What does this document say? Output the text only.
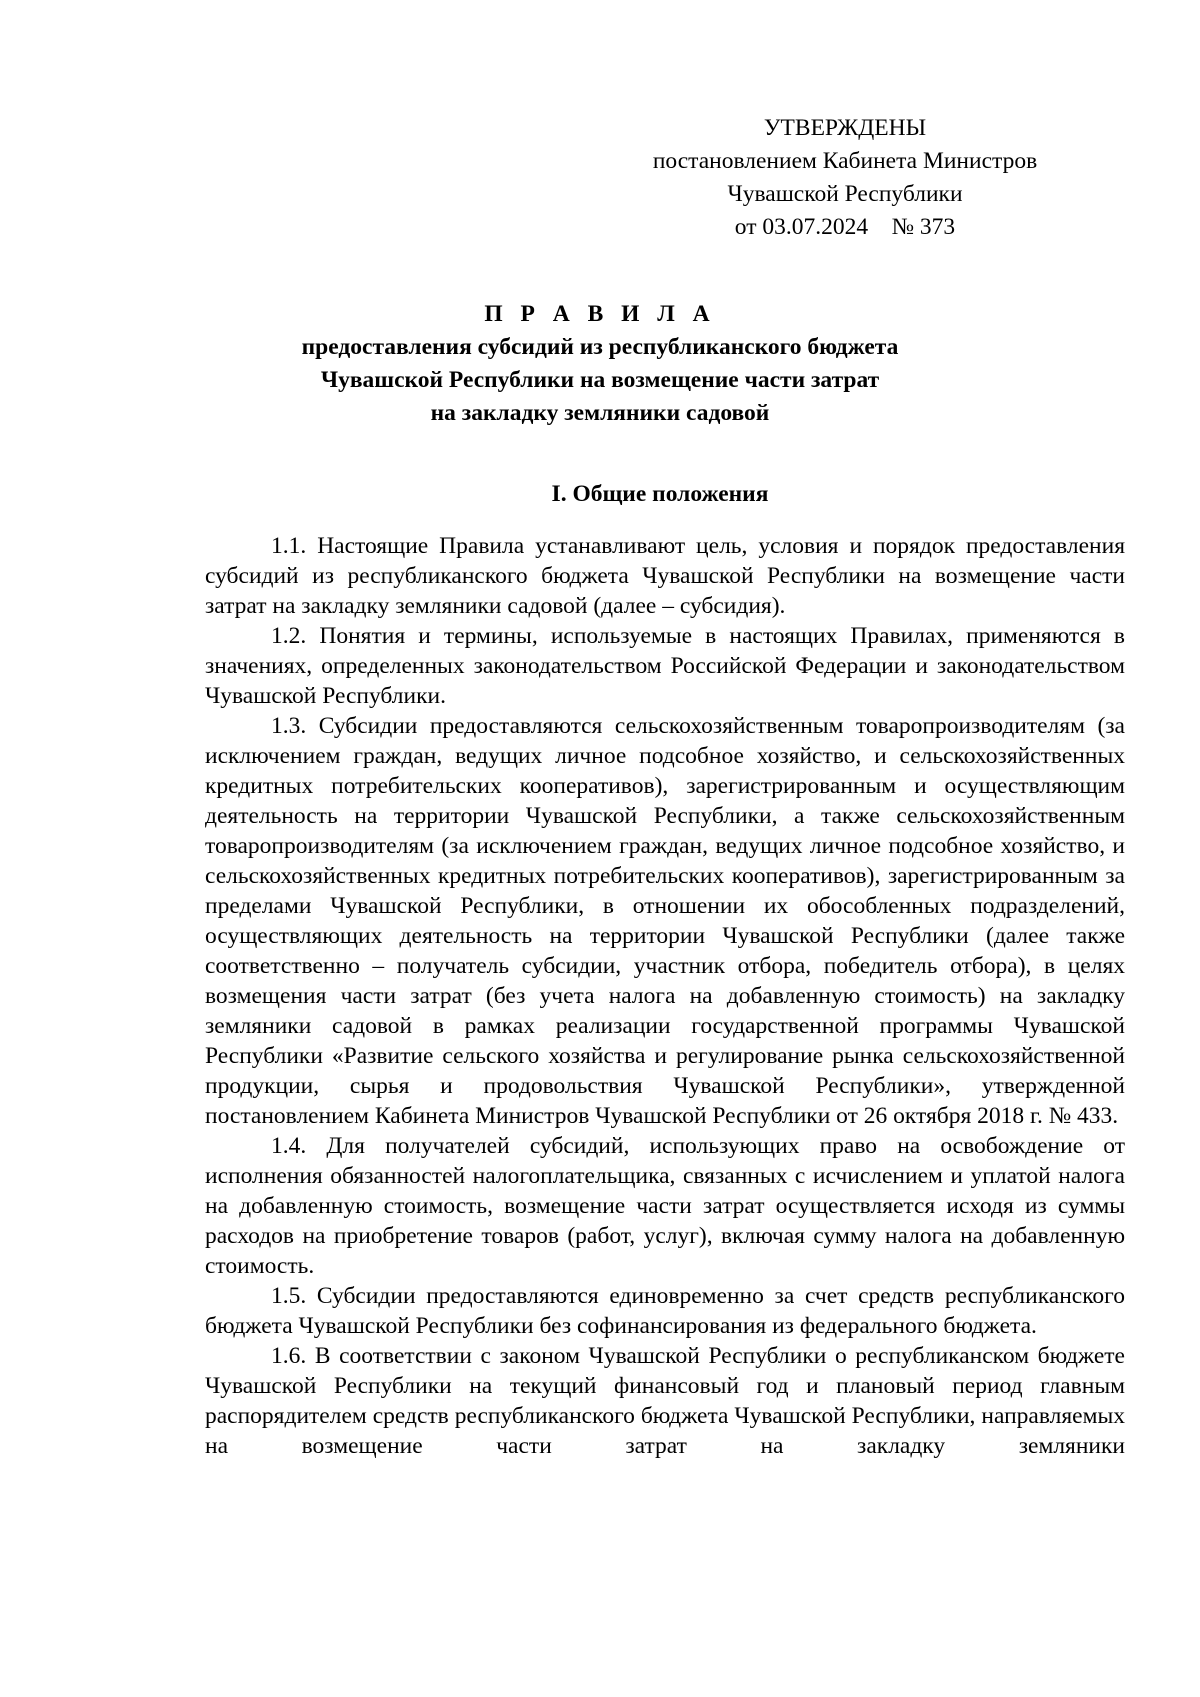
УТВЕРЖДЕНЫ
постановлением Кабинета Министров
Чувашской Республики
от 03.07.2024    № 373
П Р А В И Л А
предоставления субсидий из республиканского бюджета
Чувашской Республики на возмещение части затрат
на закладку земляники садовой
I. Общие положения

1.1. Настоящие Правила устанавливают цель, условия и порядок предоставления субсидий из республиканского бюджета Чувашской Республики на возмещение части затрат на закладку земляники садовой (далее – субсидия).

1.2. Понятия и термины, используемые в настоящих Правилах, применяются в значениях, определенных законодательством Российской Федерации и законодательством Чувашской Республики.

1.3. Субсидии предоставляются сельскохозяйственным товаропроизводителям (за исключением граждан, ведущих личное подсобное хозяйство, и сельскохозяйственных кредитных потребительских кооперативов), зарегистрированным и осуществляющим деятельность на территории Чувашской Республики, а также сельскохозяйственным товаропроизводителям (за исключением граждан, ведущих личное подсобное хозяйство, и сельскохозяйственных кредитных потребительских кооперативов), зарегистрированным за пределами Чувашской Республики, в отношении их обособленных подразделений, осуществляющих деятельность на территории Чувашской Республики (далее также соответственно – получатель субсидии, участник отбора, победитель отбора), в целях возмещения части затрат (без учета налога на добавленную стоимость) на закладку земляники садовой в рамках реализации государственной программы Чувашской Республики «Развитие сельского хозяйства и регулирование рынка сельскохозяйственной продукции, сырья и продовольствия Чувашской Республики», утвержденной постановлением Кабинета Министров Чувашской Республики от 26 октября 2018 г. № 433.

1.4. Для получателей субсидий, использующих право на освобождение от исполнения обязанностей налогоплательщика, связанных с исчислением и уплатой налога на добавленную стоимость, возмещение части затрат осуществляется исходя из суммы расходов на приобретение товаров (работ, услуг), включая сумму налога на добавленную стоимость.

1.5. Субсидии предоставляются единовременно за счет средств республиканского бюджета Чувашской Республики без софинансирования из федерального бюджета.

1.6. В соответствии с законом Чувашской Республики о республиканском бюджете Чувашской Республики на текущий финансовый год и плановый период главным распорядителем средств республиканского бюджета Чувашской Республики, направляемых на возмещение части затрат на закладку земляники
